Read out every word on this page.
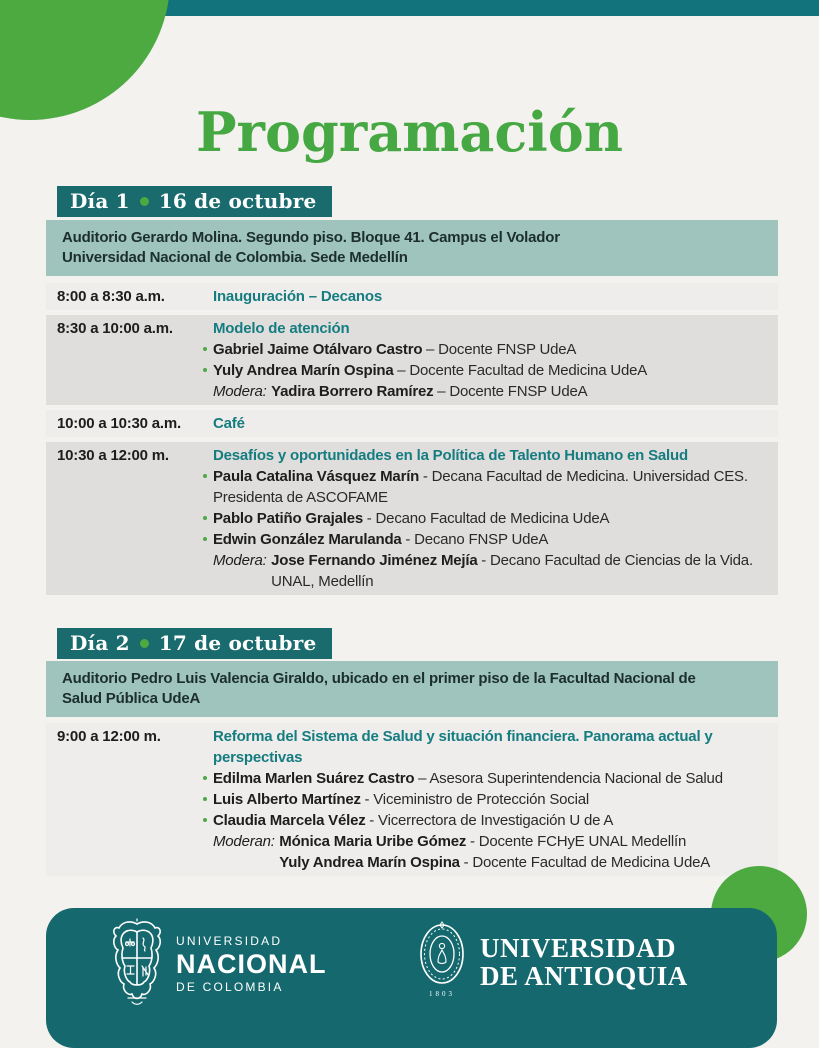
Programación
Día 1 16 de octubre
Auditorio Gerardo Molina. Segundo piso. Bloque 41. Campus el Volador
Universidad Nacional de Colombia. Sede Medellín
8:00 a 8:30 a.m.	Inauguración – Decanos
8:30 a 10:00 a.m.	Modelo de atención
Gabriel Jaime Otálvaro Castro – Docente FNSP UdeA
Yuly Andrea Marín Ospina – Docente Facultad de Medicina UdeA
Modera: Yadira Borrero Ramírez – Docente FNSP UdeA
10:00 a 10:30 a.m.	Café
10:30 a 12:00 m.	Desafíos y oportunidades en la Política de Talento Humano en Salud
Paula Catalina Vásquez Marín - Decana Facultad de Medicina. Universidad CES. Presidenta de ASCOFAME
Pablo Patiño Grajales - Decano Facultad de Medicina UdeA
Edwin González Marulanda - Decano FNSP UdeA
Modera: Jose Fernando Jiménez Mejía - Decano Facultad de Ciencias de la Vida. UNAL, Medellín
Día 2 17 de octubre
Auditorio Pedro Luis Valencia Giraldo, ubicado en el primer piso de la Facultad Nacional de
Salud Pública UdeA
9:00 a 12:00 m.	Reforma del Sistema de Salud y situación financiera. Panorama actual y perspectivas
Edilma Marlen Suárez Castro – Asesora Superintendencia Nacional de Salud
Luis Alberto Martínez - Viceministro de Protección Social
Claudia Marcela Vélez - Vicerrectora de Investigación U de A
Moderan: Mónica Maria Uribe Gómez - Docente FCHyE UNAL Medellín
Yuly Andrea Marín Ospina - Docente Facultad de Medicina UdeA
UNIVERSIDAD
NACIONAL
DE COLOMBIA	1803
UNIVERSIDAD
DE ANTIOQUIA
